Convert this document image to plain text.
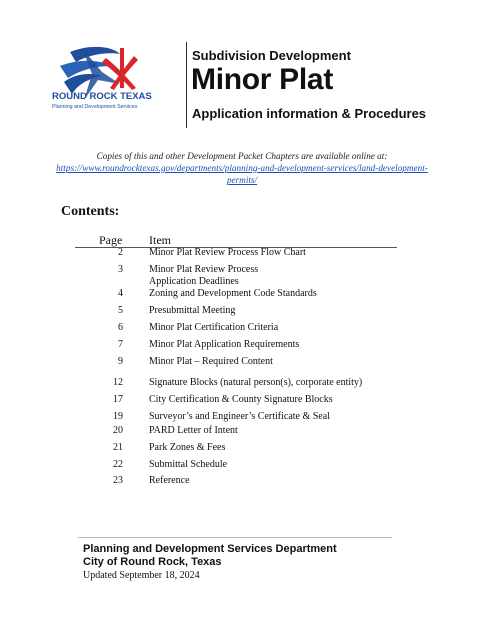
ROUND ROCK TEXAS
Planning and Development Services
Subdivision Development
Minor Plat
Application information & Procedures
Copies of this and other Development Packet Chapters are available online at:
https://www.roundrocktexas.gov/departments/planning-and-development-services/land-development-permits/
Contents:
Page Item
2	Minor Plat Review Process Flow Chart
3	Minor Plat Review Process
Application Deadlines
4	Zoning and Development Code Standards
5	Presubmittal Meeting
6	Minor Plat Certification Criteria
7	Minor Plat Application Requirements
9	Minor Plat – Required Content
12	Signature Blocks (natural person(s), corporate entity)
17	City Certification & County Signature Blocks
19	Surveyor’s and Engineer’s Certificate & Seal
20	PARD Letter of Intent
21	Park Zones & Fees
22	Submittal Schedule
23	Reference
Planning and Development Services Department
City of Round Rock, Texas
Updated September 18, 2024
